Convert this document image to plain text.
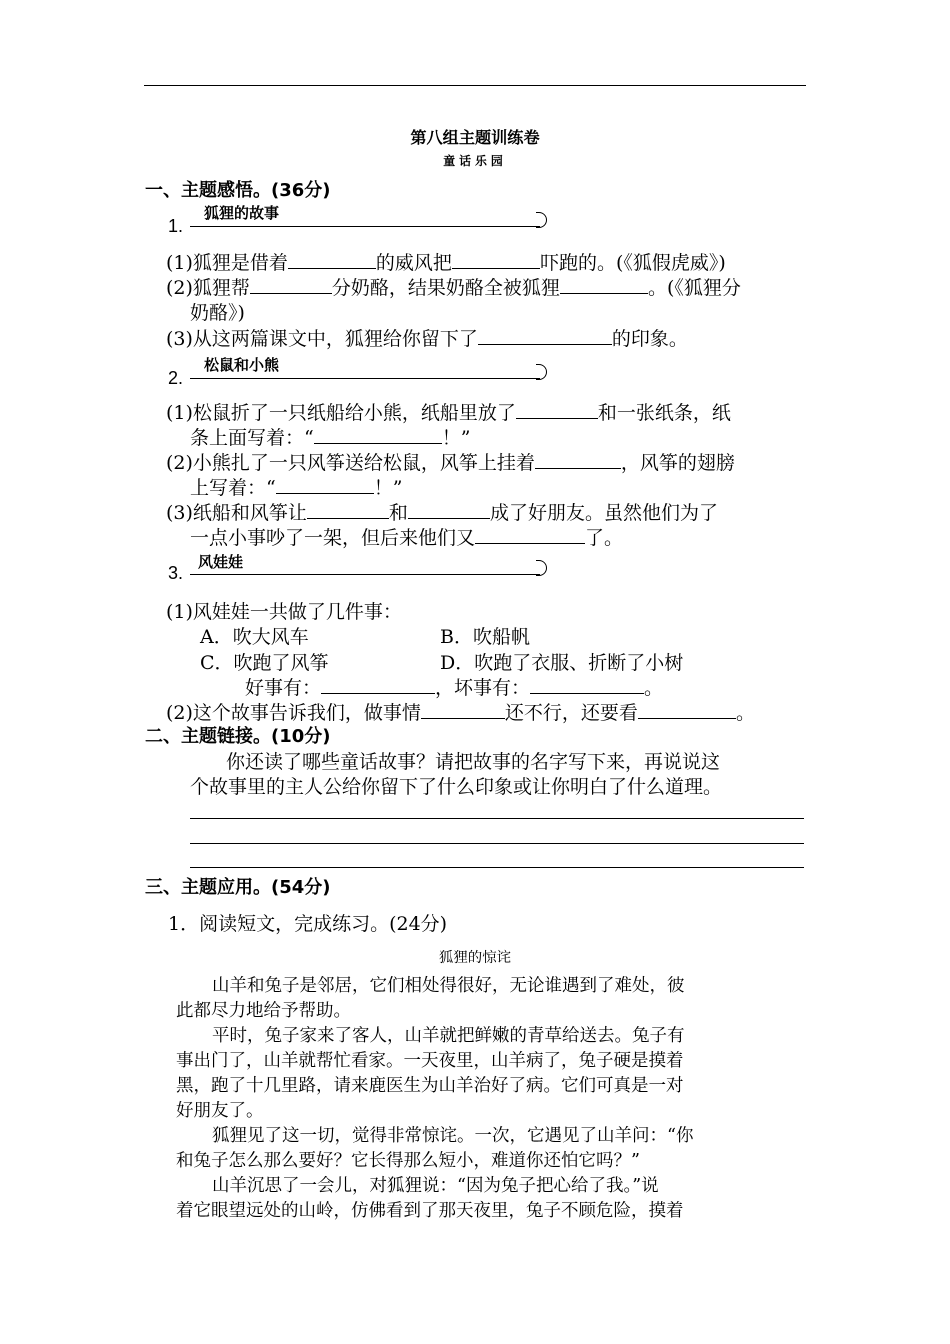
第八组主题训练卷
童话乐园
一、主题感悟。(36分)
1.
狐狸的故事
(1)狐狸是借着	的威风把	吓跑的。(《狐假虎威》)
(2)狐狸帮	分奶酪，结果奶酪全被狐狸	。(《狐狸分
奶酪》)
(3)从这两篇课文中，狐狸给你留下了	的印象。
2.
松鼠和小熊
(1)松鼠折了一只纸船给小熊，纸船里放了	和一张纸条，纸
条上面写着：“	！”
(2)小熊扎了一只风筝送给松鼠，风筝上挂着	，风筝的翅膀
上写着：“	！”
(3)纸船和风筝让	和	成了好朋友。虽然他们为了
一点小事吵了一架，但后来他们又	了。
3.
风娃娃
(1)风娃娃一共做了几件事：
A．吹大风车	B．吹船帆
C．吹跑了风筝	D．吹跑了衣服、折断了小树
好事有：	，坏事有：	。
(2)这个故事告诉我们，做事情	还不行，还要看	。
二、主题链接。(10分)
你还读了哪些童话故事？请把故事的名字写下来，再说说这
个故事里的主人公给你留下了什么印象或让你明白了什么道理。
三、主题应用。(54分)
1．阅读短文，完成练习。(24分)
狐狸的惊诧
山羊和兔子是邻居，它们相处得很好，无论谁遇到了难处，彼
此都尽力地给予帮助。
平时，兔子家来了客人，山羊就把鲜嫩的青草给送去。兔子有
事出门了，山羊就帮忙看家。一天夜里，山羊病了，兔子硬是摸着
黑，跑了十几里路，请来鹿医生为山羊治好了病。它们可真是一对
好朋友了。
狐狸见了这一切，觉得非常惊诧。一次，它遇见了山羊问：“你
和兔子怎么那么要好？它长得那么短小，难道你还怕它吗？”
山羊沉思了一会儿，对狐狸说：“因为兔子把心给了我。”说
着它眼望远处的山岭，仿佛看到了那天夜里，兔子不顾危险，摸着
